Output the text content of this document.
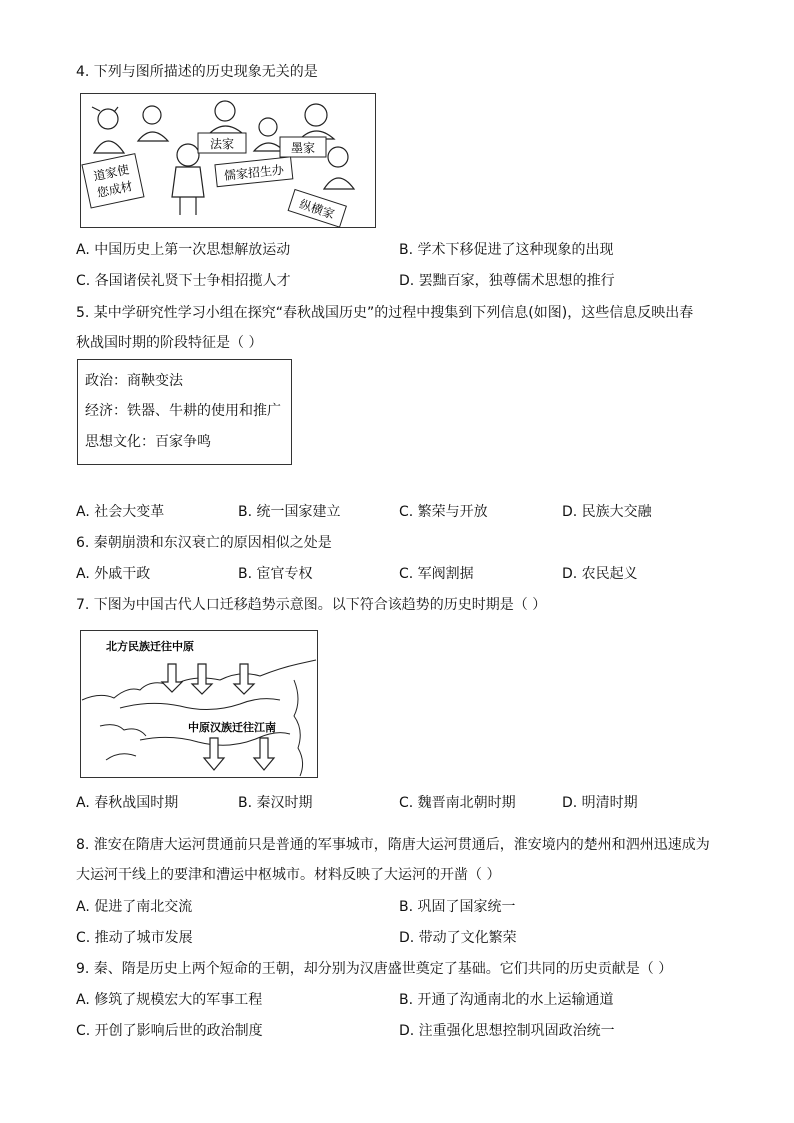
4. 下列与图所描述的历史现象无关的是
法家	墨家
道家使
您成材
儒家招生办
纵横家
A. 中国历史上第一次思想解放运动	B. 学术下移促进了这种现象的出现
C. 各国诸侯礼贤下士争相招揽人才	D. 罢黜百家，独尊儒术思想的推行
5. 某中学研究性学习小组在探究“春秋战国历史”的过程中搜集到下列信息(如图)，这些信息反映出春
秋战国时期的阶段特征是（ ）
政治：商鞅变法
经济：铁器、牛耕的使用和推广
思想文化：百家争鸣
A. 社会大变革	B. 统一国家建立	C. 繁荣与开放	D. 民族大交融
6. 秦朝崩溃和东汉衰亡的原因相似之处是
A. 外戚干政	B. 宦官专权	C. 军阀割据	D. 农民起义
7. 下图为中国古代人口迁移趋势示意图。以下符合该趋势的历史时期是（ ）
北方民族迁往中原
中原汉族迁往江南
A. 春秋战国时期	B. 秦汉时期	C. 魏晋南北朝时期	D. 明清时期
8. 淮安在隋唐大运河贯通前只是普通的军事城市，隋唐大运河贯通后，淮安境内的楚州和泗州迅速成为
大运河干线上的要津和漕运中枢城市。材料反映了大运河的开凿（ ）
A. 促进了南北交流	B. 巩固了国家统一
C. 推动了城市发展	D. 带动了文化繁荣
9. 秦、隋是历史上两个短命的王朝，却分别为汉唐盛世奠定了基础。它们共同的历史贡献是（ ）
A. 修筑了规模宏大的军事工程	B. 开通了沟通南北的水上运输通道
C. 开创了影响后世的政治制度	D. 注重强化思想控制巩固政治统一
